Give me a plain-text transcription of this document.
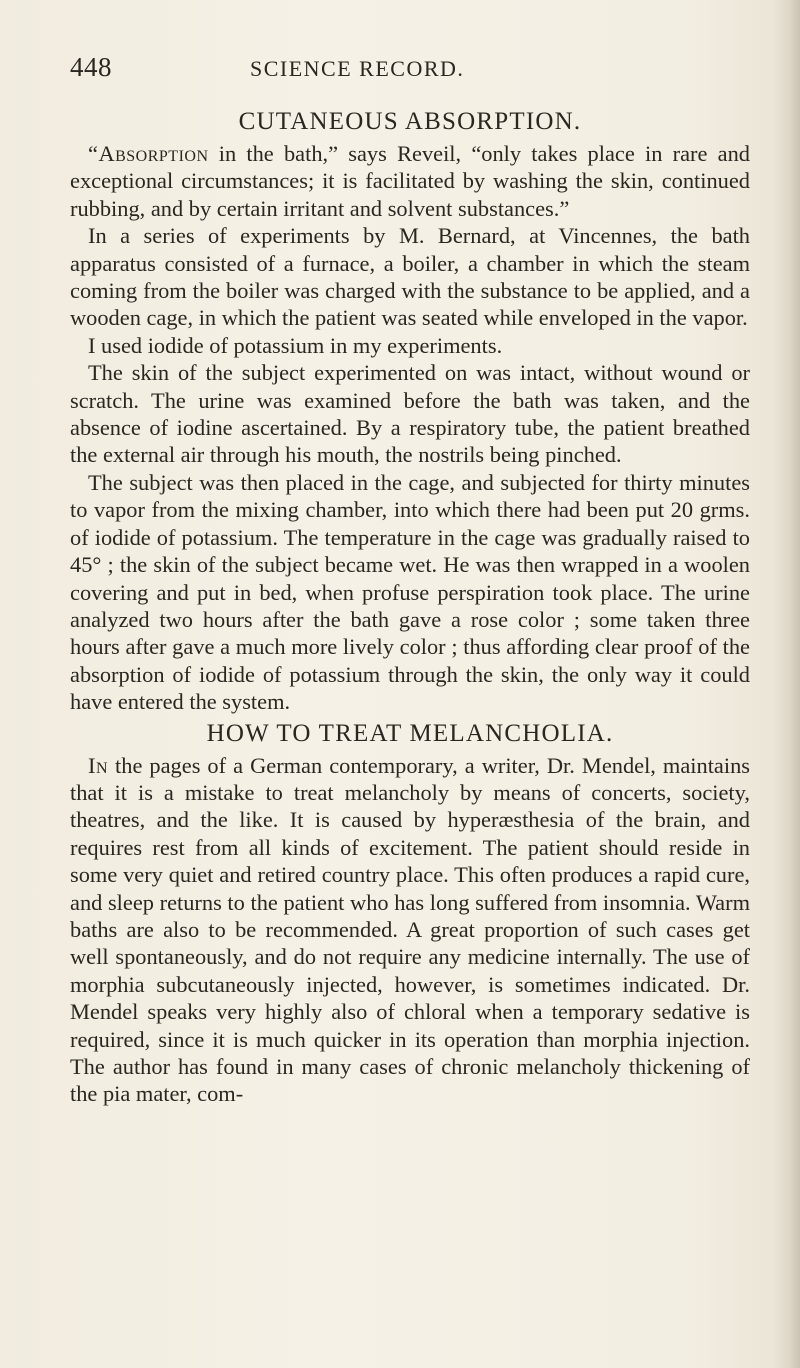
448	SCIENCE RECORD.
CUTANEOUS ABSORPTION.

“Absorption in the bath,” says Reveil, “only takes place in rare and exceptional circumstances; it is facilitated by washing the skin, continued rubbing, and by certain irritant and solvent substances.”

In a series of experiments by M. Bernard, at Vincennes, the bath apparatus consisted of a furnace, a boiler, a chamber in which the steam coming from the boiler was charged with the substance to be applied, and a wooden cage, in which the patient was seated while enveloped in the vapor.

I used iodide of potassium in my experiments.

The skin of the subject experimented on was intact, without wound or scratch. The urine was examined before the bath was taken, and the absence of iodine ascertained. By a respiratory tube, the patient breathed the external air through his mouth, the nostrils being pinched.

The subject was then placed in the cage, and subjected for thirty minutes to vapor from the mixing chamber, into which there had been put 20 grms. of iodide of potassium. The temperature in the cage was gradually raised to 45° ; the skin of the subject became wet. He was then wrapped in a woolen covering and put in bed, when profuse perspiration took place. The urine analyzed two hours after the bath gave a rose color ; some taken three hours after gave a much more lively color ; thus affording clear proof of the absorption of iodide of potassium through the skin, the only way it could have entered the system.

HOW TO TREAT MELANCHOLIA.

In the pages of a German contemporary, a writer, Dr. Mendel, maintains that it is a mistake to treat melancholy by means of concerts, society, theatres, and the like. It is caused by hyperæsthesia of the brain, and requires rest from all kinds of excitement. The patient should reside in some very quiet and retired country place. This often produces a rapid cure, and sleep returns to the patient who has long suffered from insomnia. Warm baths are also to be recommended. A great proportion of such cases get well spontaneously, and do not require any medicine internally. The use of morphia subcutaneously injected, however, is sometimes indicated. Dr. Mendel speaks very highly also of chloral when a temporary sedative is required, since it is much quicker in its operation than morphia injection. The author has found in many cases of chronic melancholy thickening of the pia mater, com-
